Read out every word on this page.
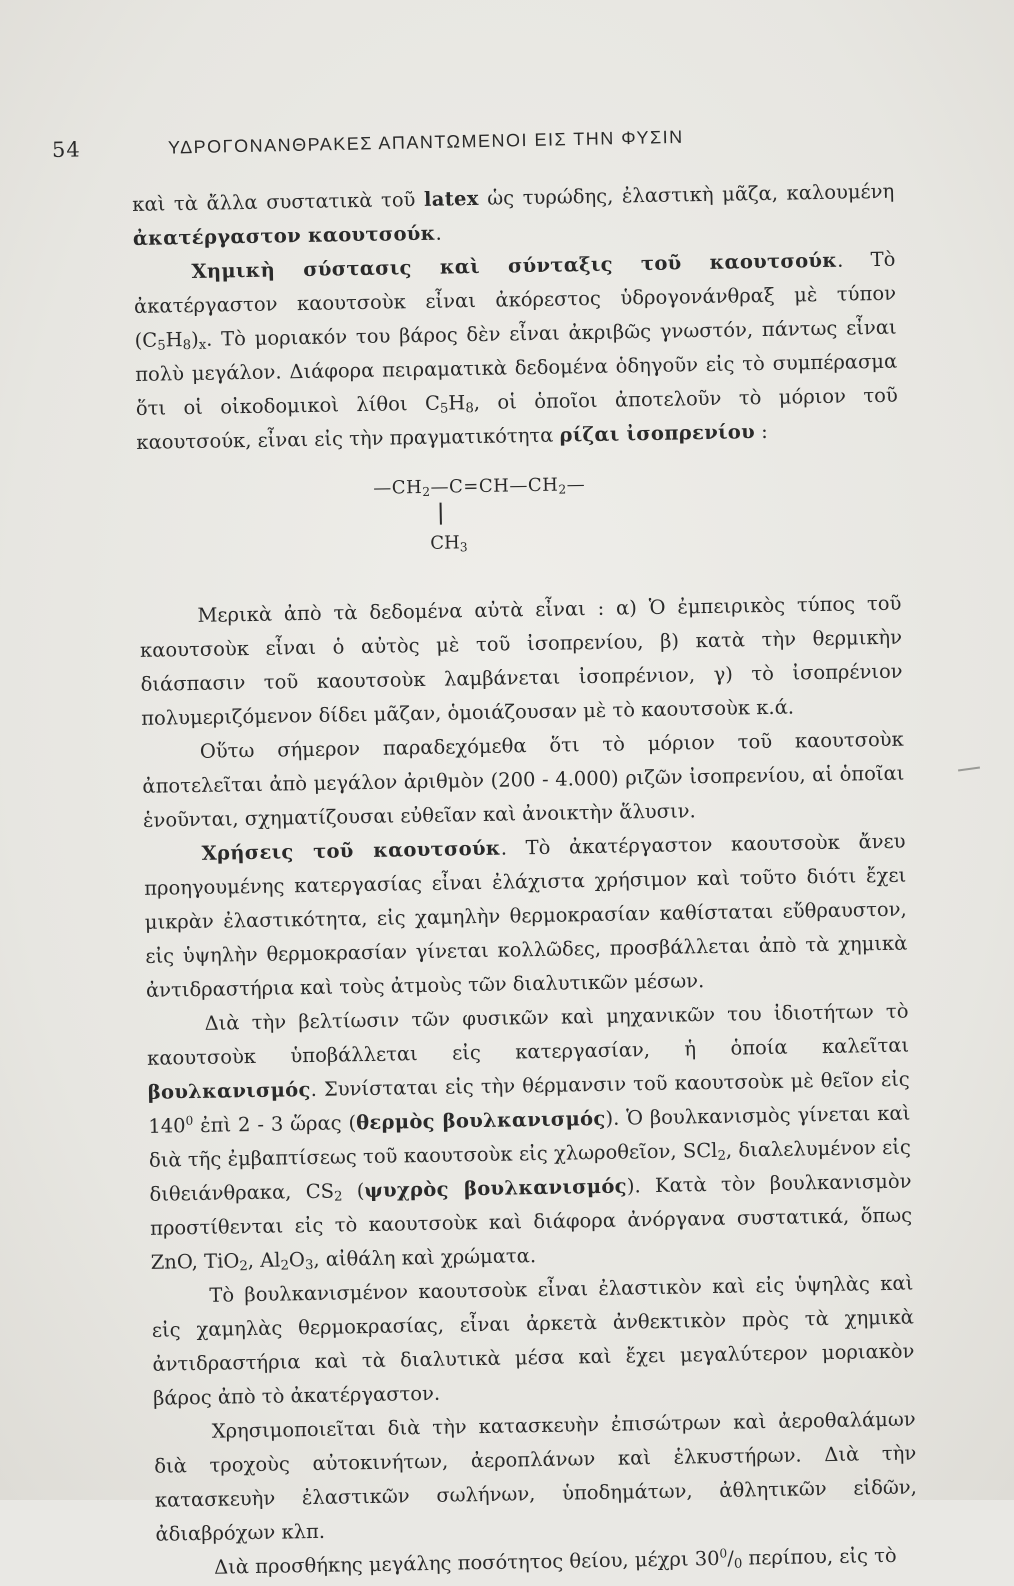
54	ΥΔΡΟΓΟΝΑΝΘΡΑΚΕΣ ΑΠΑΝΤΩΜΕΝΟΙ ΕΙΣ ΤΗΝ ΦΥΣΙΝ

καὶ τὰ ἄλλα συστατικὰ τοῦ latex ὡς τυρώδης, ἐλαστικὴ μᾶζα, καλουμένη ἀκατέργαστον καουτσούκ.

Χημικὴ σύστασις καὶ σύνταξις τοῦ καουτσούκ. Τὸ ἀκατέργαστον καουτσοὺκ εἶναι ἀκόρεστος ὑδρογονάνθραξ μὲ τύπον $(C_5H_8)_x$. Τὸ μοριακόν του βάρος δὲν εἶναι ἀκριβῶς γνωστόν, πάντως εἶναι πολὺ μεγάλον. Διάφορα πειραματικὰ δεδομένα ὁδηγοῦν εἰς τὸ συμπέρασμα ὅτι οἱ οἰκοδομικοὶ λίθοι $C_5H_8$, οἱ ὁποῖοι ἀποτελοῦν τὸ μόριον τοῦ καουτσούκ, εἶναι εἰς τὴν πραγματικότητα ρίζαι ἰσοπρενίου :

$—CH_2—C=CH—CH_2—$
$CH_3$

Μερικὰ ἀπὸ τὰ δεδομένα αὐτὰ εἶναι : α) Ὁ ἐμπειρικὸς τύπος τοῦ καουτσοὺκ εἶναι ὁ αὐτὸς μὲ τοῦ ἰσοπρενίου, β) κατὰ τὴν θερμικὴν διάσπασιν τοῦ καουτσοὺκ λαμβάνεται ἰσοπρένιον, γ) τὸ ἰσοπρένιον πολυμεριζόμενον δίδει μᾶζαν, ὁμοιάζουσαν μὲ τὸ καουτσοὺκ κ.ά.

Οὕτω σήμερον παραδεχόμεθα ὅτι τὸ μόριον τοῦ καουτσοὺκ ἀποτελεῖται ἀπὸ μεγάλον ἀριθμὸν (200 - 4.000) ριζῶν ἰσοπρενίου, αἱ ὁποῖαι ἑνοῦνται, σχηματίζουσαι εὐθεῖαν καὶ ἀνοικτὴν ἅλυσιν.

Χρήσεις τοῦ καουτσούκ. Τὸ ἀκατέργαστον καουτσοὺκ ἄνευ προηγουμένης κατεργασίας εἶναι ἐλάχιστα χρήσιμον καὶ τοῦτο διότι ἔχει μικρὰν ἐλαστικότητα, εἰς χαμηλὴν θερμοκρασίαν καθίσταται εὔθραυστον, εἰς ὑψηλὴν θερμοκρασίαν γίνεται κολλῶδες, προσβάλλεται ἀπὸ τὰ χημικὰ ἀντιδραστήρια καὶ τοὺς ἀτμοὺς τῶν διαλυτικῶν μέσων.

Διὰ τὴν βελτίωσιν τῶν φυσικῶν καὶ μηχανικῶν του ἰδιοτήτων τὸ καουτσοὺκ ὑποβάλλεται εἰς κατεργασίαν, ἡ ὁποία καλεῖται βουλκανισμός. Συνίσταται εἰς τὴν θέρμανσιν τοῦ καουτσοὺκ μὲ θεῖον εἰς $140^0$ ἐπὶ 2 - 3 ὥρας (θερμὸς βουλκανισμός). Ὁ βουλκανισμὸς γίνεται καὶ διὰ τῆς ἐμβαπτίσεως τοῦ καουτσοὺκ εἰς χλωροθεῖον, SCl$_2$, διαλελυμένον εἰς διθειάνθρακα, $CS_2$ (ψυχρὸς βουλκανισμός). Κατὰ τὸν βουλκανισμὸν προστίθενται εἰς τὸ καουτσοὺκ καὶ διάφορα ἀνόργανα συστατικά, ὅπως ZnO, TiO$_2$, $Al_2O_3$, αἰθάλη καὶ χρώματα.

Τὸ βουλκανισμένον καουτσοὺκ εἶναι ἐλαστικὸν καὶ εἰς ὑψηλὰς καὶ εἰς χαμηλὰς θερμοκρασίας, εἶναι ἀρκετὰ ἀνθεκτικὸν πρὸς τὰ χημικὰ ἀντιδραστήρια καὶ τὰ διαλυτικὰ μέσα καὶ ἔχει μεγαλύτερον μοριακὸν βάρος ἀπὸ τὸ ἀκατέργαστον.

Χρησιμοποιεῖται διὰ τὴν κατασκευὴν ἐπισώτρων καὶ ἀεροθαλάμων διὰ τροχοὺς αὐτοκινήτων, ἀεροπλάνων καὶ ἑλκυστήρων. Διὰ τὴν κατασκευὴν ἐλαστικῶν σωλήνων, ὑποδημάτων, ἀθλητικῶν εἰδῶν, ἀδιαβρόχων κλπ.

Διὰ προσθήκης μεγάλης ποσότητος θείου, μέχρι $30^0/_0$ περίπου, εἰς τὸ
